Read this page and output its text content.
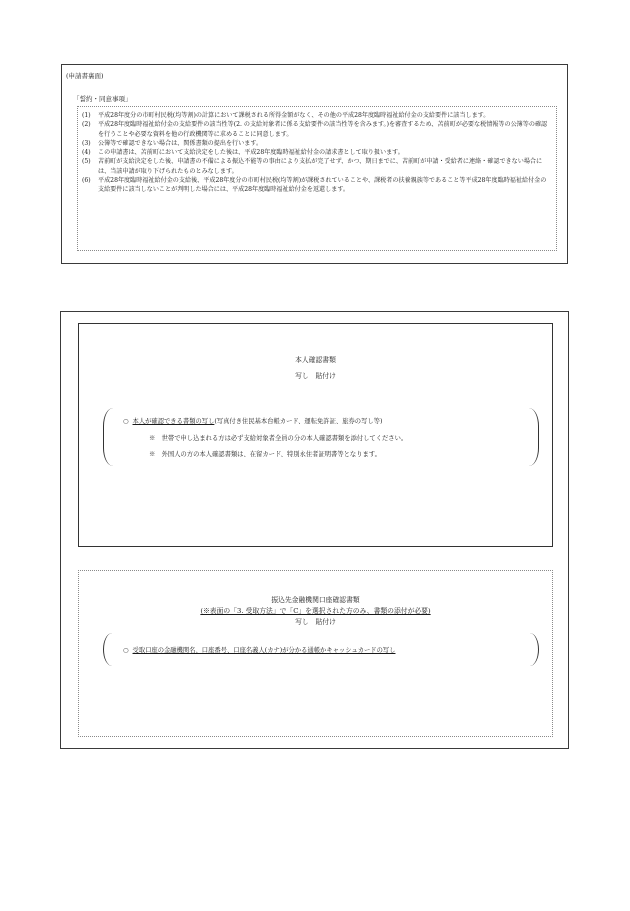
(申請書裏面)
「誓約・同意事項」
(1)	平成28年度分の市町村民税(均等割)の計算において課税される所得金額がなく、その他の平成28年度臨時福祉給付金の支給要件に該当します。
(2)	平成28年度臨時福祉給付金の支給要件の該当性等(2. の支給対象者に係る支給要件の該当性等を含みます。)を審査するため、苫前町が必要な税情報等の公簿等の確認を行うことや必要な資料を他の行政機関等に求めることに同意します。
(3)	公簿等で確認できない場合は、関係書類の提出を行います。
(4)	この申請書は、苫前町において支給決定をした後は、平成28年度臨時福祉給付金の請求書として取り扱います。
(5)	苫前町が支給決定をした後、申請書の不備による振込不能等の事由により支払が完了せず、かつ、期日までに、苫前町が申請・受給者に連絡・確認できない場合には、当該申請が取り下げられたものとみなします。
(6)	平成28年度臨時福祉給付金の支給後、平成28年度分の市町村民税(均等割)が課税されていることや、課税者の扶養親族等であること等平成28年度臨時福祉給付金の支給要件に該当しないことが判明した場合には、平成28年度臨時福祉給付金を返還します。
本人確認書類
写し　貼付け
○ 本人が確認できる書類の写し(写真付き住民基本台帳カード、運転免許証、旅券の写し等)
※　世帯で申し込まれる方は必ず支給対象者全員の分の本人確認書類を添付してください。
※　外国人の方の本人確認書類は、在留カード、特別永住者証明書等となります。
振込先金融機関口座確認書類
(※表面の「3. 受取方法」で「C」を選択された方のみ、書類の添付が必要)
写し　貼付け
○ 受取口座の金融機関名、口座番号、口座名義人(カナ)が分かる通帳かキャッシュカードの写し
